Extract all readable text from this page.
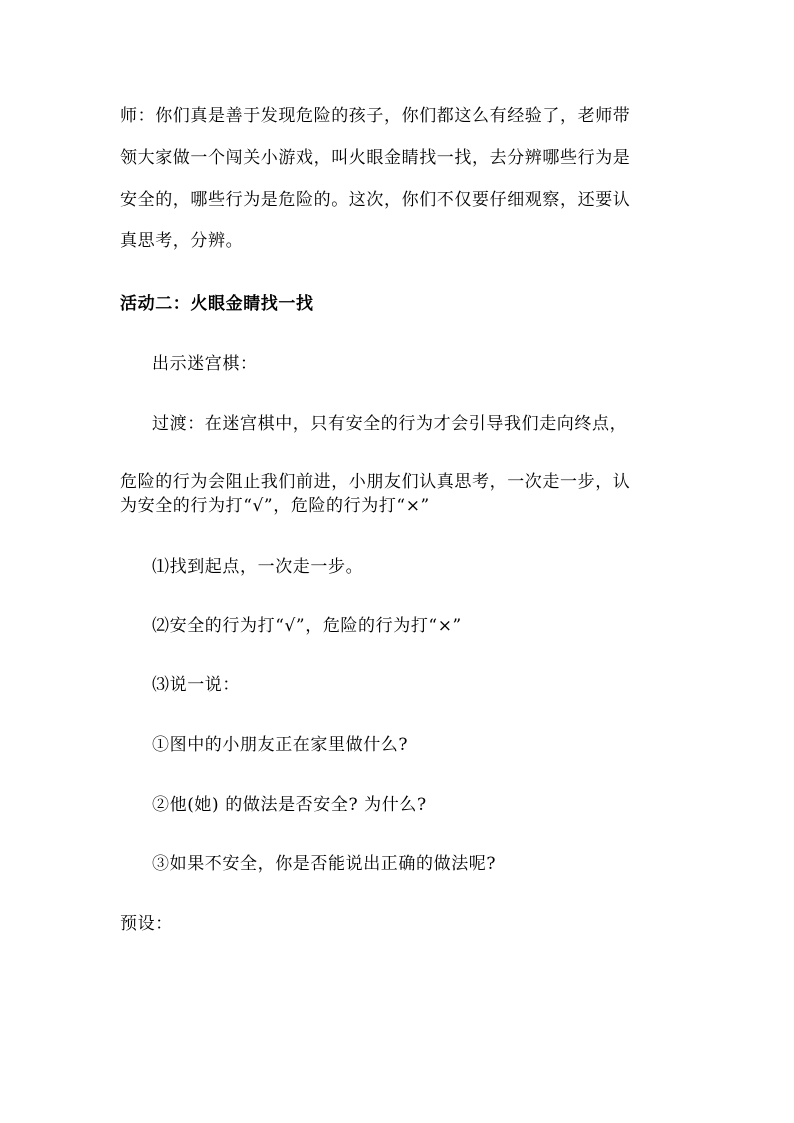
师：你们真是善于发现危险的孩子，你们都这么有经验了，老师带
领大家做一个闯关小游戏，叫火眼金睛找一找，去分辨哪些行为是
安全的，哪些行为是危险的。这次，你们不仅要仔细观察，还要认
真思考，分辨。
活动二：火眼金睛找一找
出示迷宫棋：
过渡：在迷宫棋中，只有安全的行为才会引导我们走向终点，
危险的行为会阻止我们前进，小朋友们认真思考，一次走一步，认
为安全的行为打“√”，危险的行为打“×”
⑴找到起点，一次走一步。
⑵安全的行为打“√”，危险的行为打“×”
⑶说一说：
①图中的小朋友正在家里做什么?
②他(她) 的做法是否安全? 为什么?
③如果不安全，你是否能说出正确的做法呢?
预设：
